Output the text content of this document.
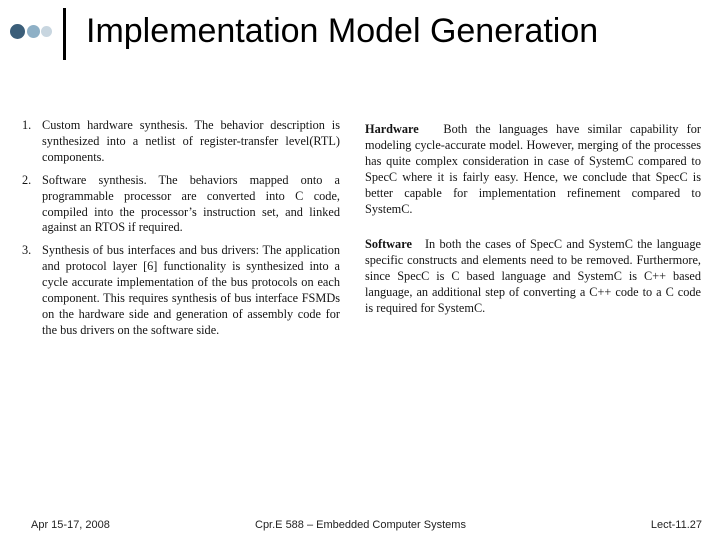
Implementation Model Generation
1. Custom hardware synthesis. The behavior description is synthesized into a netlist of register-transfer level(RTL) components.
2. Software synthesis. The behaviors mapped onto a programmable processor are converted into C code, compiled into the processor’s instruction set, and linked against an RTOS if required.
3. Synthesis of bus interfaces and bus drivers: The application and protocol layer [6] functionality is synthesized into a cycle accurate implementation of the bus protocols on each component. This requires synthesis of bus interface FSMDs on the hardware side and generation of assembly code for the bus drivers on the software side.

Hardware Both the languages have similar capability for modeling cycle-accurate model. However, merging of the processes has quite complex consideration in case of SystemC compared to SpecC where it is fairly easy. Hence, we conclude that SpecC is better capable for implementation refinement compared to SystemC.

Software In both the cases of SpecC and SystemC the language specific constructs and elements need to be removed. Furthermore, since SpecC is C based language and SystemC is C++ based language, an additional step of converting a C++ code to a C code is required for SystemC.

Apr 15-17, 2008	Cpr.E 588 – Embedded Computer Systems	Lect-11.27
